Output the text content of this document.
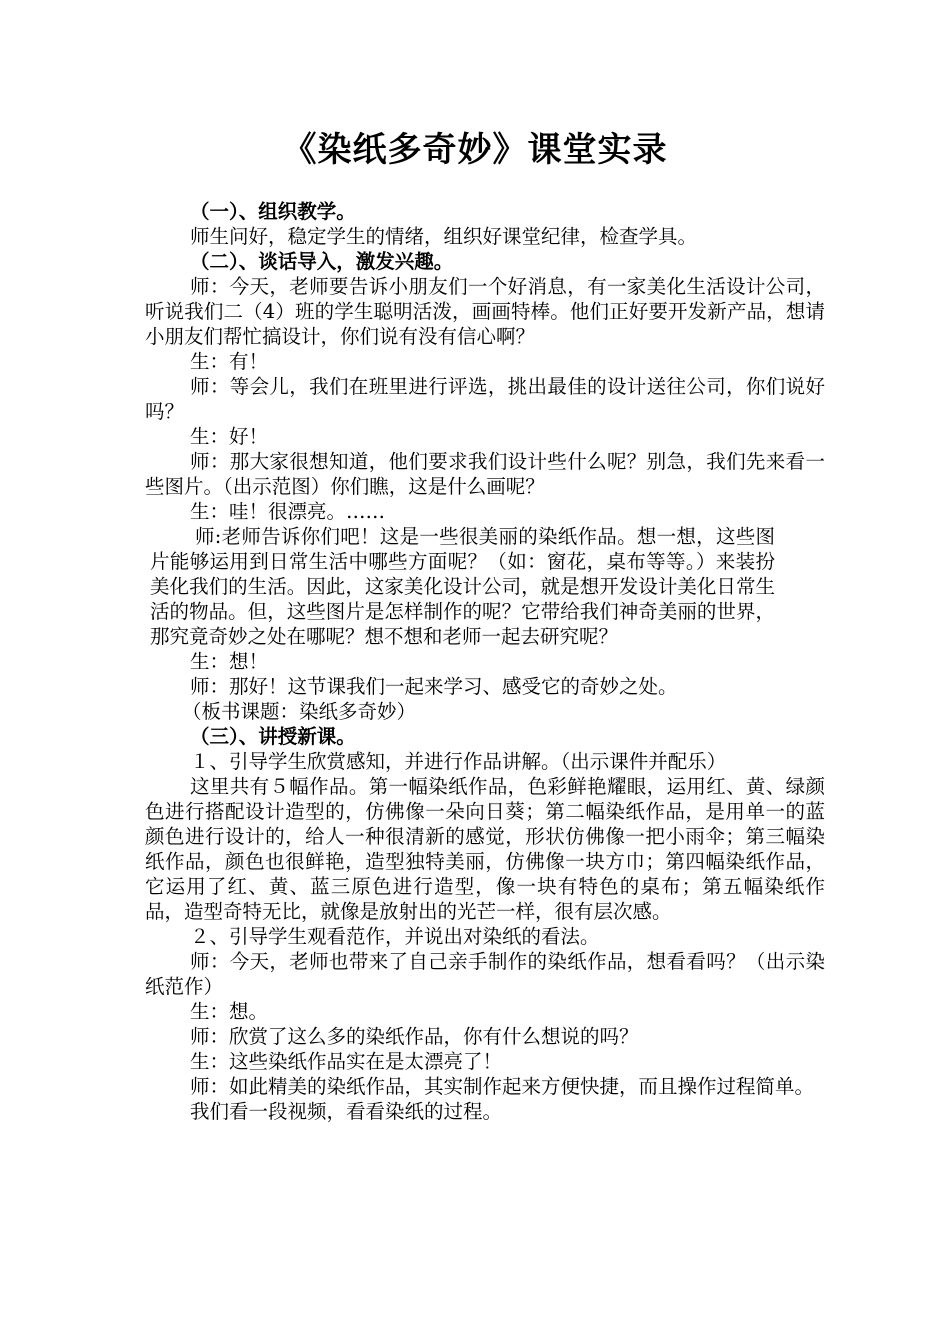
《染纸多奇妙》课堂实录

（一）、组织教学。

师生问好，稳定学生的情绪，组织好课堂纪律，检查学具。

（二）、谈话导入，激发兴趣。

师：今天，老师要告诉小朋友们一个好消息，有一家美化生活设计公司，听说我们二（4）班的学生聪明活泼，画画特棒。他们正好要开发新产品，想请小朋友们帮忙搞设计，你们说有没有信心啊？

生：有！

师：等会儿，我们在班里进行评选，挑出最佳的设计送往公司，你们说好吗？

生：好！

师：那大家很想知道，他们要求我们设计些什么呢？别急，我们先来看一些图片。（出示范图）你们瞧，这是什么画呢？

生：哇！很漂亮。……

师:老师告诉你们吧！这是一些很美丽的染纸作品。想一想，这些图片能够运用到日常生活中哪些方面呢？（如：窗花，桌布等等。）来装扮美化我们的生活。因此，这家美化设计公司，就是想开发设计美化日常生活的物品。但，这些图片是怎样制作的呢？它带给我们神奇美丽的世界，那究竟奇妙之处在哪呢？想不想和老师一起去研究呢？

生：想！

师：那好！这节课我们一起来学习、感受它的奇妙之处。

（板书课题：染纸多奇妙）

（三）、讲授新课。

１、引导学生欣赏感知，并进行作品讲解。（出示课件并配乐）

这里共有５幅作品。第一幅染纸作品，色彩鲜艳耀眼，运用红、黄、绿颜色进行搭配设计造型的，仿佛像一朵向日葵；第二幅染纸作品，是用单一的蓝颜色进行设计的，给人一种很清新的感觉，形状仿佛像一把小雨伞；第三幅染纸作品，颜色也很鲜艳，造型独特美丽，仿佛像一块方巾；第四幅染纸作品，它运用了红、黄、蓝三原色进行造型，像一块有特色的桌布；第五幅染纸作品，造型奇特无比，就像是放射出的光芒一样，很有层次感。

２、引导学生观看范作，并说出对染纸的看法。

师：今天，老师也带来了自己亲手制作的染纸作品，想看看吗？（出示染纸范作）

生：想。

师：欣赏了这么多的染纸作品，你有什么想说的吗？

生：这些染纸作品实在是太漂亮了！

师：如此精美的染纸作品，其实制作起来方便快捷，而且操作过程简单。

我们看一段视频，看看染纸的过程。
